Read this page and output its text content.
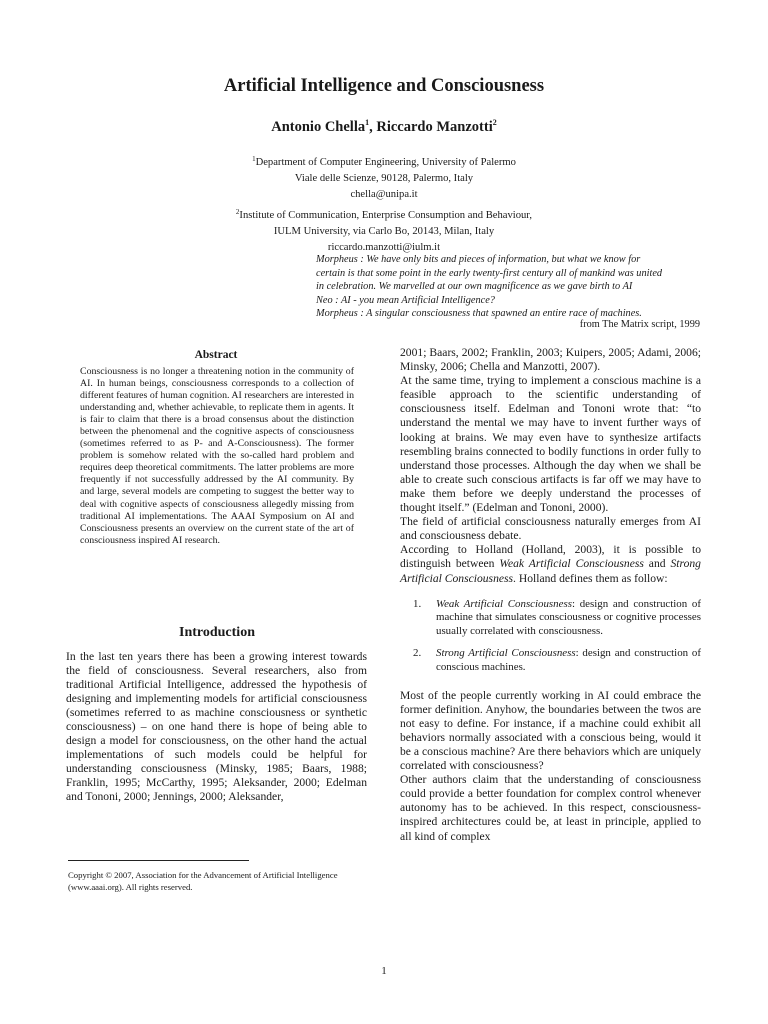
Artificial Intelligence and Consciousness
Antonio Chella$^1$, Riccardo Manzotti$^2$
$^1$Department of Computer Engineering, University of Palermo
Viale delle Scienze, 90128, Palermo, Italy
chella@unipa.it
$^2$Institute of Communication, Enterprise Consumption and Behaviour,
IULM University, via Carlo Bo, 20143, Milan, Italy
riccardo.manzotti@iulm.it
Morpheus : We have only bits and pieces of information, but what we know for
certain is that some point in the early twenty-first century all of mankind was united
in celebration. We marvelled at our own magnificence as we gave birth to AI
Neo : AI - you mean Artificial Intelligence?
Morpheus : A singular consciousness that spawned an entire race of machines.
from The Matrix script, 1999
Abstract

Consciousness is no longer a threatening notion in the community of AI. In human beings, consciousness corresponds to a collection of different features of human cognition. AI researchers are interested in understanding and, whether achievable, to replicate them in agents. It is fair to claim that there is a broad consensus about the distinction between the phenomenal and the cognitive aspects of consciousness (sometimes referred to as P- and A-Consciousness). The former problem is somehow related with the so-called hard problem and requires deep theoretical commitments. The latter problems are more frequently if not successfully addressed by the AI community. By and large, several models are competing to suggest the better way to deal with cognitive aspects of consciousness allegedly missing from traditional AI implementations. The AAAI Symposium on AI and Consciousness presents an overview on the current state of the art of consciousness inspired AI research.

Introduction

In the last ten years there has been a growing interest towards the field of consciousness. Several researchers, also from traditional Artificial Intelligence, addressed the hypothesis of designing and implementing models for artificial consciousness (sometimes referred to as machine consciousness or synthetic consciousness) – on one hand there is hope of being able to design a model for consciousness, on the other hand the actual implementations of such models could be helpful for understanding consciousness (Minsky, 1985; Baars, 1988; Franklin, 1995; McCarthy, 1995; Aleksander, 2000; Edelman and Tononi, 2000; Jennings, 2000; Aleksander,

Copyright © 2007, Association for the Advancement of Artificial Intelligence (www.aaai.org). All rights reserved.

2001; Baars, 2002; Franklin, 2003; Kuipers, 2005; Adami, 2006; Minsky, 2006; Chella and Manzotti, 2007).

At the same time, trying to implement a conscious machine is a feasible approach to the scientific understanding of consciousness itself. Edelman and Tononi wrote that: “to understand the mental we may have to invent further ways of looking at brains. We may even have to synthesize artifacts resembling brains connected to bodily functions in order fully to understand those processes. Although the day when we shall be able to create such conscious artifacts is far off we may have to make them before we deeply understand the processes of thought itself.” (Edelman and Tononi, 2000).

The field of artificial consciousness naturally emerges from AI and consciousness debate.

According to Holland (Holland, 2003), it is possible to distinguish between Weak Artificial Consciousness and Strong Artificial Consciousness. Holland defines them as follow:

1. Weak Artificial Consciousness: design and construction of machine that simulates consciousness or cognitive processes usually correlated with consciousness.
2. Strong Artificial Consciousness: design and construction of conscious machines.

Most of the people currently working in AI could embrace the former definition. Anyhow, the boundaries between the twos are not easy to define. For instance, if a machine could exhibit all behaviors normally associated with a conscious being, would it be a conscious machine? Are there behaviors which are uniquely correlated with consciousness?

Other authors claim that the understanding of consciousness could provide a better foundation for complex control whenever autonomy has to be achieved. In this respect, consciousness-inspired architectures could be, at least in principle, applied to all kind of complex

1
